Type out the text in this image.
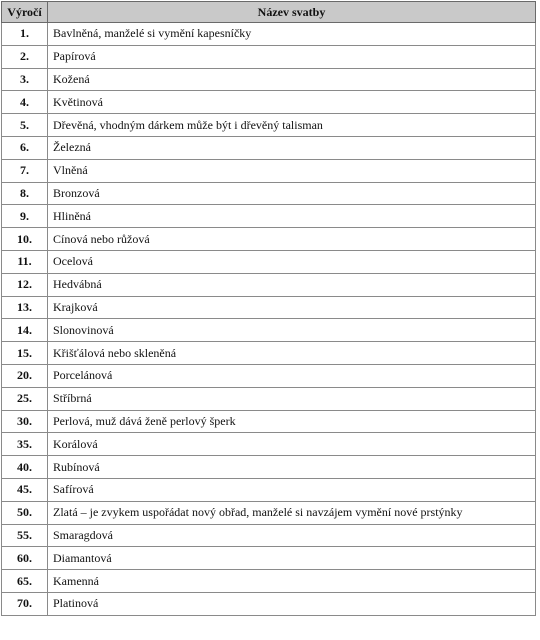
Výročí	Název svatby
1.	Bavlněná, manželé si vymění kapesníčky
2.	Papírová
3.	Kožená
4.	Květinová
5.	Dřevěná, vhodným dárkem může být i dřevěný talisman
6.	Železná
7.	Vlněná
8.	Bronzová
9.	Hliněná
10.	Cínová nebo růžová
11.	Ocelová
12.	Hedvábná
13.	Krajková
14.	Slonovinová
15.	Křišťálová nebo skleněná
20.	Porcelánová
25.	Stříbrná
30.	Perlová, muž dává ženě perlový šperk
35.	Korálová
40.	Rubínová
45.	Safírová
50.	Zlatá – je zvykem uspořádat nový obřad, manželé si navzájem vymění nové prstýnky
55.	Smaragdová
60.	Diamantová
65.	Kamenná
70.	Platinová
